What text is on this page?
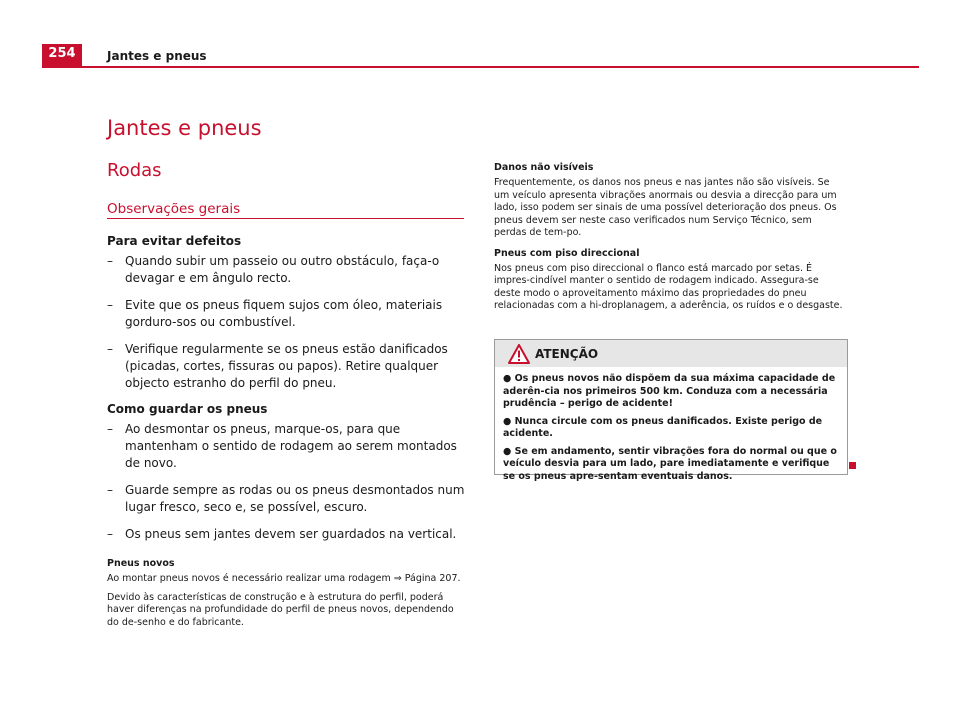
254	Jantes e pneus
Jantes e pneus
Rodas
Observações gerais
Para evitar defeitos
– Quando subir um passeio ou outro obstáculo, faça-o devagar e em ângulo recto.
– Evite que os pneus fiquem sujos com óleo, materiais gorduro-sos ou combustível.
– Verifique regularmente se os pneus estão danificados (picadas, cortes, fissuras ou papos). Retire qualquer objecto estranho do perfil do pneu.
Como guardar os pneus
– Ao desmontar os pneus, marque-os, para que mantenham o sentido de rodagem ao serem montados de novo.
– Guarde sempre as rodas ou os pneus desmontados num lugar fresco, seco e, se possível, escuro.
– Os pneus sem jantes devem ser guardados na vertical.
Pneus novos
Ao montar pneus novos é necessário realizar uma rodagem ⇒ Página 207.
Devido às características de construção e à estrutura do perfil, poderá haver diferenças na profundidade do perfil de pneus novos, dependendo do de-senho e do fabricante.
Danos não visíveis
Frequentemente, os danos nos pneus e nas jantes não são visíveis. Se um veículo apresenta vibrações anormais ou desvia a direcção para um lado, isso podem ser sinais de uma possível deterioração dos pneus. Os pneus devem ser neste caso verificados num Serviço Técnico, sem perdas de tem-po.
Pneus com piso direccional
Nos pneus com piso direccional o flanco está marcado por setas. É impres-cindível manter o sentido de rodagem indicado. Assegura-se deste modo o aproveitamento máximo das propriedades do pneu relacionadas com a hi-droplanagem, a aderência, os ruídos e o desgaste.
ATENÇÃO
● Os pneus novos não dispõem da sua máxima capacidade de aderên-cia nos primeiros 500 km. Conduza com a necessária prudência – perigo de acidente!
● Nunca circule com os pneus danificados. Existe perigo de acidente.
● Se em andamento, sentir vibrações fora do normal ou que o veículo desvia para um lado, pare imediatamente e verifique se os pneus apre-sentam eventuais danos.
